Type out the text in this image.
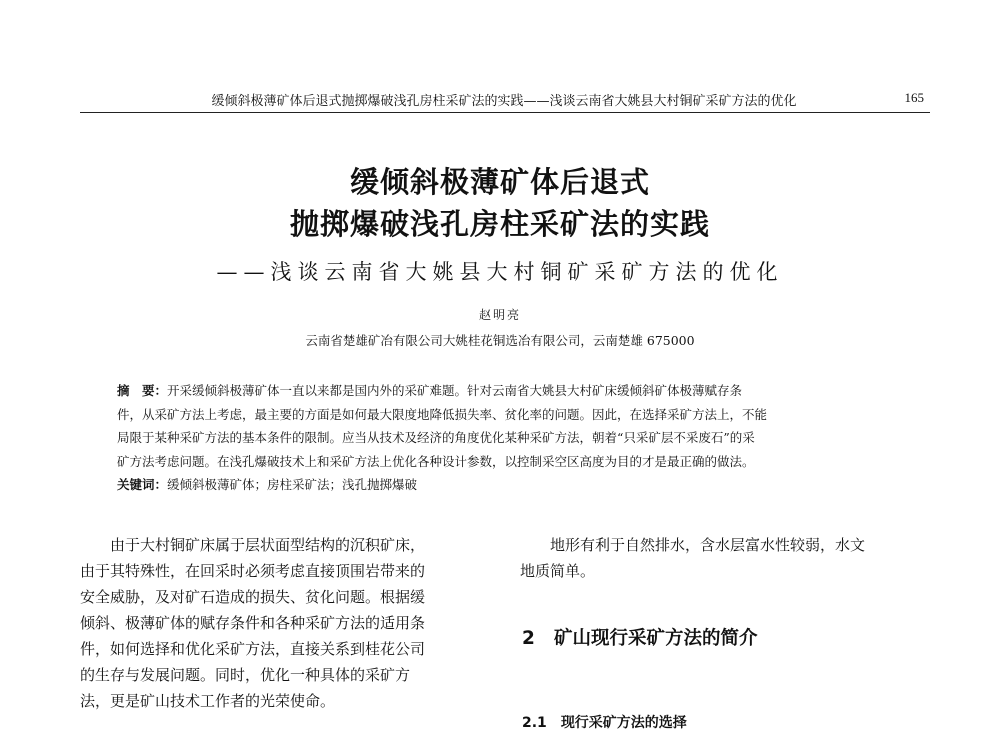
缓倾斜极薄矿体后退式抛掷爆破浅孔房柱采矿法的实践——浅谈云南省大姚县大村铜矿采矿方法的优化	165
缓倾斜极薄矿体后退式
抛掷爆破浅孔房柱采矿法的实践
——浅谈云南省大姚县大村铜矿采矿方法的优化
赵明亮
云南省楚雄矿冶有限公司大姚桂花铜选冶有限公司，云南楚雄 675000
摘　要：开采缓倾斜极薄矿体一直以来都是国内外的采矿难题。针对云南省大姚县大村矿床缓倾斜矿体极薄赋存条
件，从采矿方法上考虑，最主要的方面是如何最大限度地降低损失率、贫化率的问题。因此，在选择采矿方法上，不能
局限于某种采矿方法的基本条件的限制。应当从技术及经济的角度优化某种采矿方法，朝着“只采矿层不采废石”的采
矿方法考虑问题。在浅孔爆破技术上和采矿方法上优化各种设计参数，以控制采空区高度为目的才是最正确的做法。
关键词：缓倾斜极薄矿体；房柱采矿法；浅孔抛掷爆破
　　由于大村铜矿床属于层状面型结构的沉积矿床，
由于其特殊性，在回采时必须考虑直接顶围岩带来的
安全威胁，及对矿石造成的损失、贫化问题。根据缓
倾斜、极薄矿体的赋存条件和各种采矿方法的适用条
件，如何选择和优化采矿方法，直接关系到桂花公司
的生存与发展问题。同时，优化一种具体的采矿方
法，更是矿山技术工作者的光荣使命。
　　地形有利于自然排水，含水层富水性较弱，水文
地质简单。
2 矿山现行采矿方法的简介
2.1  现行采矿方法的选择
